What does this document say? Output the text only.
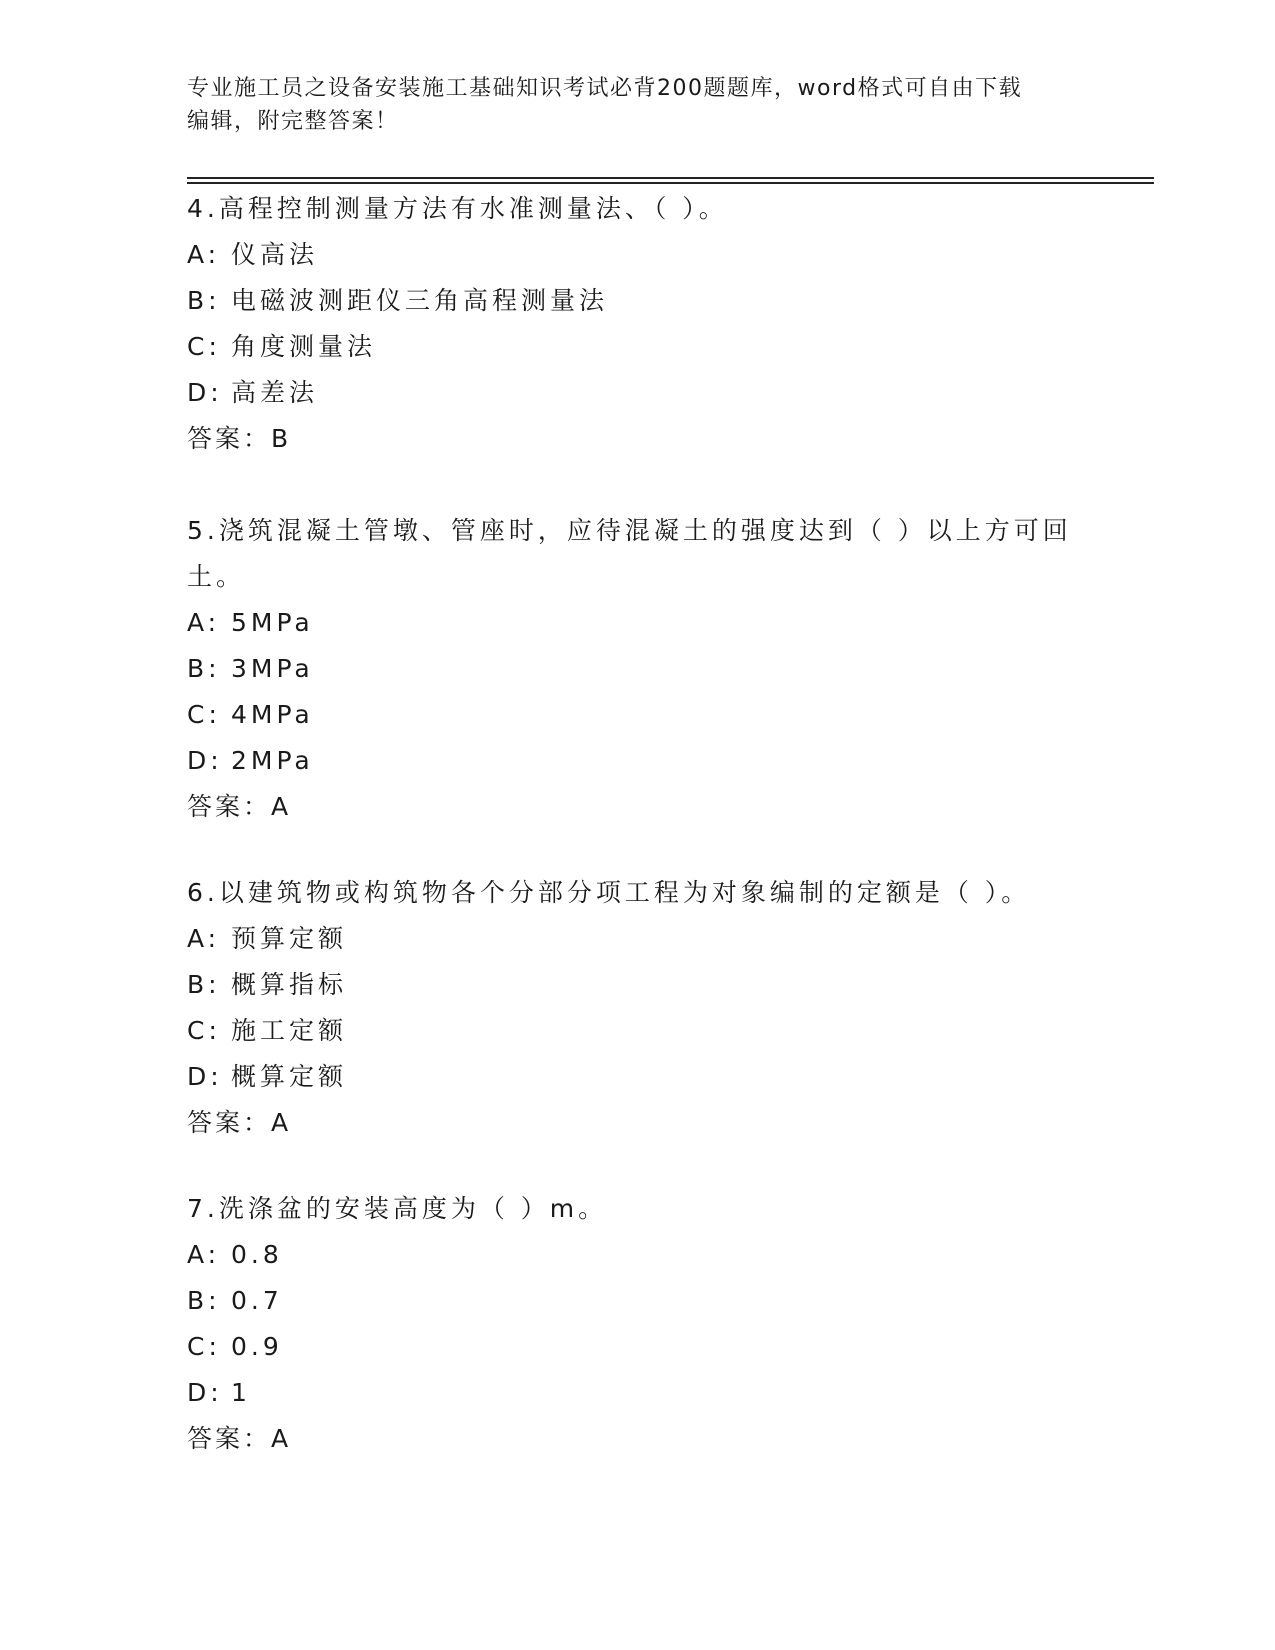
专业施工员之设备安装施工基础知识考试必背200题题库，word格式可自由下载
编辑，附完整答案！
4.高程控制测量方法有水准测量法、（ ）。
A: 仪高法
B: 电磁波测距仪三角高程测量法
C: 角度测量法
D: 高差法
答案：B
5.浇筑混凝土管墩、管座时，应待混凝土的强度达到（ ）以上方可回土。
A: 5MPa
B: 3MPa
C: 4MPa
D: 2MPa
答案：A
6.以建筑物或构筑物各个分部分项工程为对象编制的定额是（ ）。
A: 预算定额
B: 概算指标
C: 施工定额
D: 概算定额
答案：A
7.洗涤盆的安装高度为（ ）m。
A: 0.8
B: 0.7
C: 0.9
D: 1
答案：A
